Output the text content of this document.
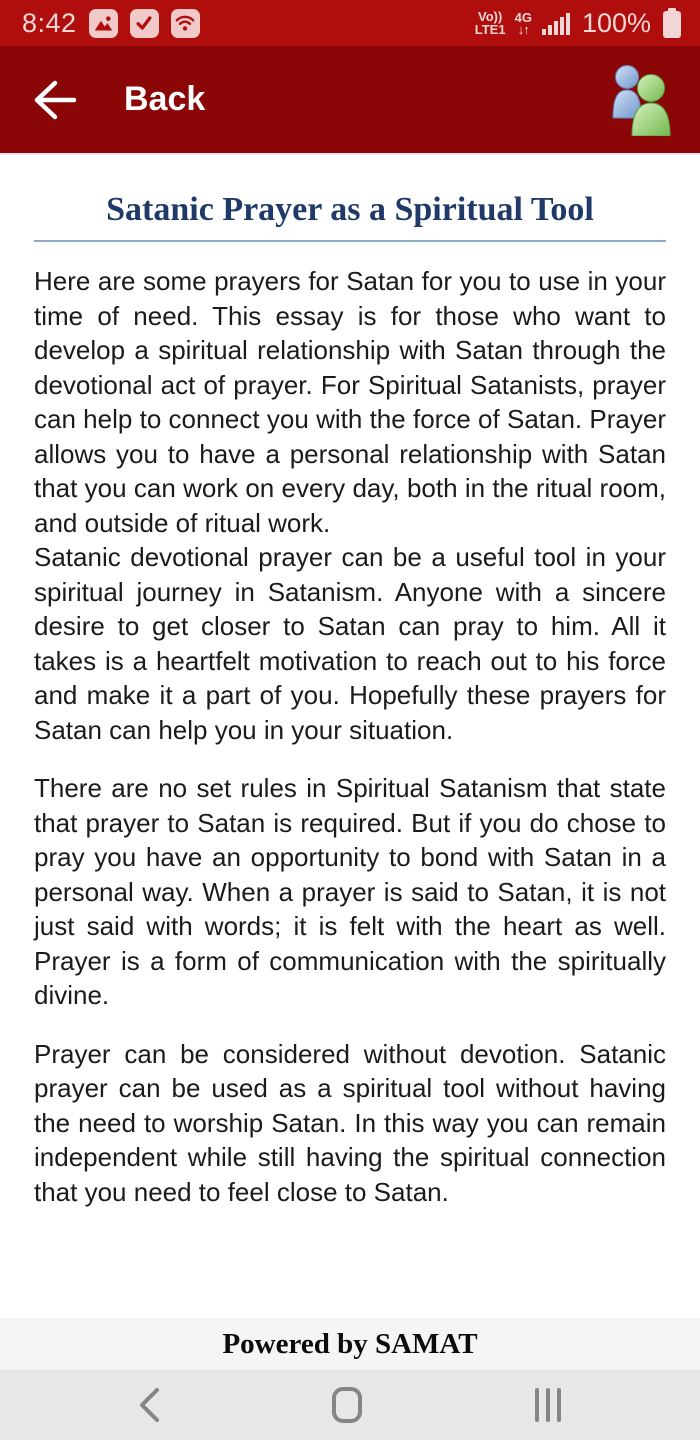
8:42	Vo))
LTE1
4G
↓↑ 100%
Back
Satanic Prayer as a Spiritual Tool

Here are some prayers for Satan for you to use in your time of need. This essay is for those who want to develop a spiritual relationship with Satan through the devotional act of prayer. For Spiritual Satanists, prayer can help to connect you with the force of Satan. Prayer allows you to have a personal relationship with Satan that you can work on every day, both in the ritual room, and outside of ritual work.

Satanic devotional prayer can be a useful tool in your spiritual journey in Satanism. Anyone with a sincere desire to get closer to Satan can pray to him. All it takes is a heartfelt motivation to reach out to his force and make it a part of you. Hopefully these prayers for Satan can help you in your situation.

There are no set rules in Spiritual Satanism that state that prayer to Satan is required. But if you do chose to pray you have an opportunity to bond with Satan in a personal way. When a prayer is said to Satan, it is not just said with words; it is felt with the heart as well. Prayer is a form of communication with the spiritually divine.

Prayer can be considered without devotion. Satanic prayer can be used as a spiritual tool without having the need to worship Satan. In this way you can remain independent while still having the spiritual connection that you need to feel close to Satan.

Powered by SAMAT
